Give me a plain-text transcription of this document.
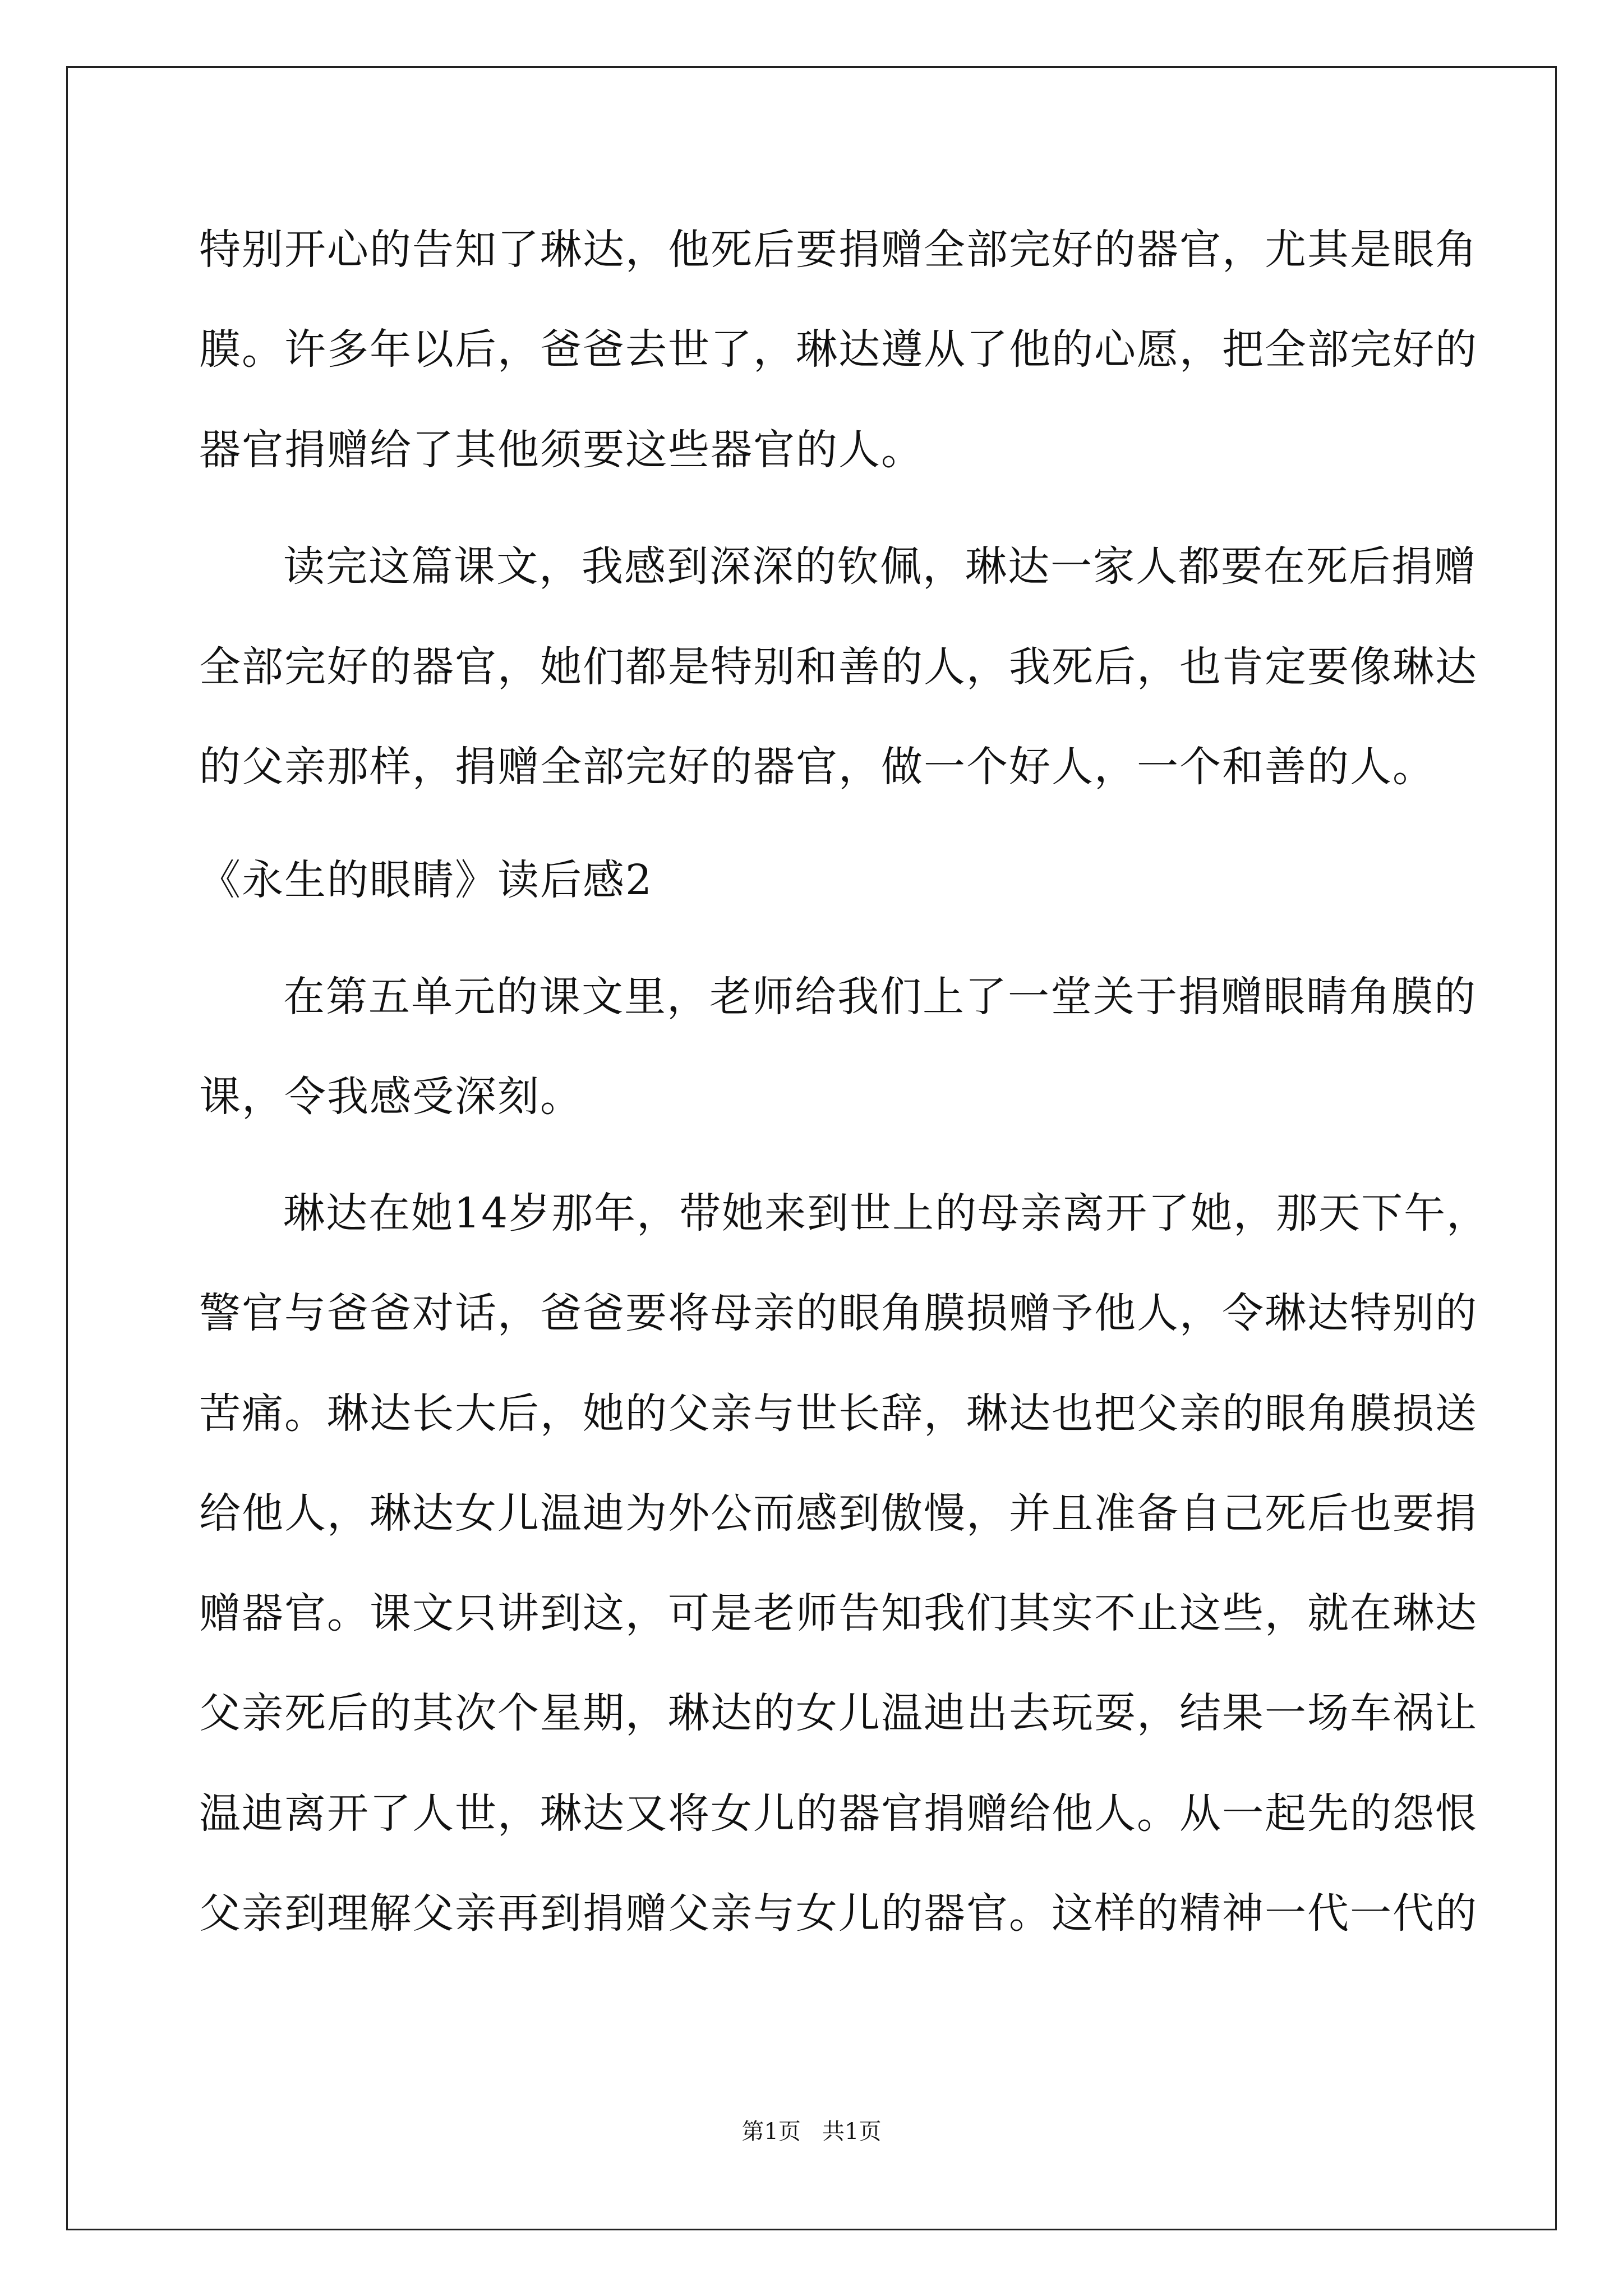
特别开心的告知了琳达，他死后要捐赠全部完好的器官，尤其是眼角
膜。许多年以后，爸爸去世了，琳达遵从了他的心愿，把全部完好的
器官捐赠给了其他须要这些器官的人。
读完这篇课文，我感到深深的钦佩，琳达一家人都要在死后捐赠
全部完好的器官，她们都是特别和善的人，我死后，也肯定要像琳达
的父亲那样，捐赠全部完好的器官，做一个好人，一个和善的人。
《永生的眼睛》读后感2
在第五单元的课文里，老师给我们上了一堂关于捐赠眼睛角膜的
课，令我感受深刻。
琳达在她14岁那年，带她来到世上的母亲离开了她，那天下午，
警官与爸爸对话，爸爸要将母亲的眼角膜损赠予他人，令琳达特别的
苦痛。琳达长大后，她的父亲与世长辞，琳达也把父亲的眼角膜损送
给他人，琳达女儿温迪为外公而感到傲慢，并且准备自己死后也要捐
赠器官。课文只讲到这，可是老师告知我们其实不止这些，就在琳达
父亲死后的其次个星期，琳达的女儿温迪出去玩耍，结果一场车祸让
温迪离开了人世，琳达又将女儿的器官捐赠给他人。从一起先的怨恨
父亲到理解父亲再到捐赠父亲与女儿的器官。这样的精神一代一代的
第1页   共1页
